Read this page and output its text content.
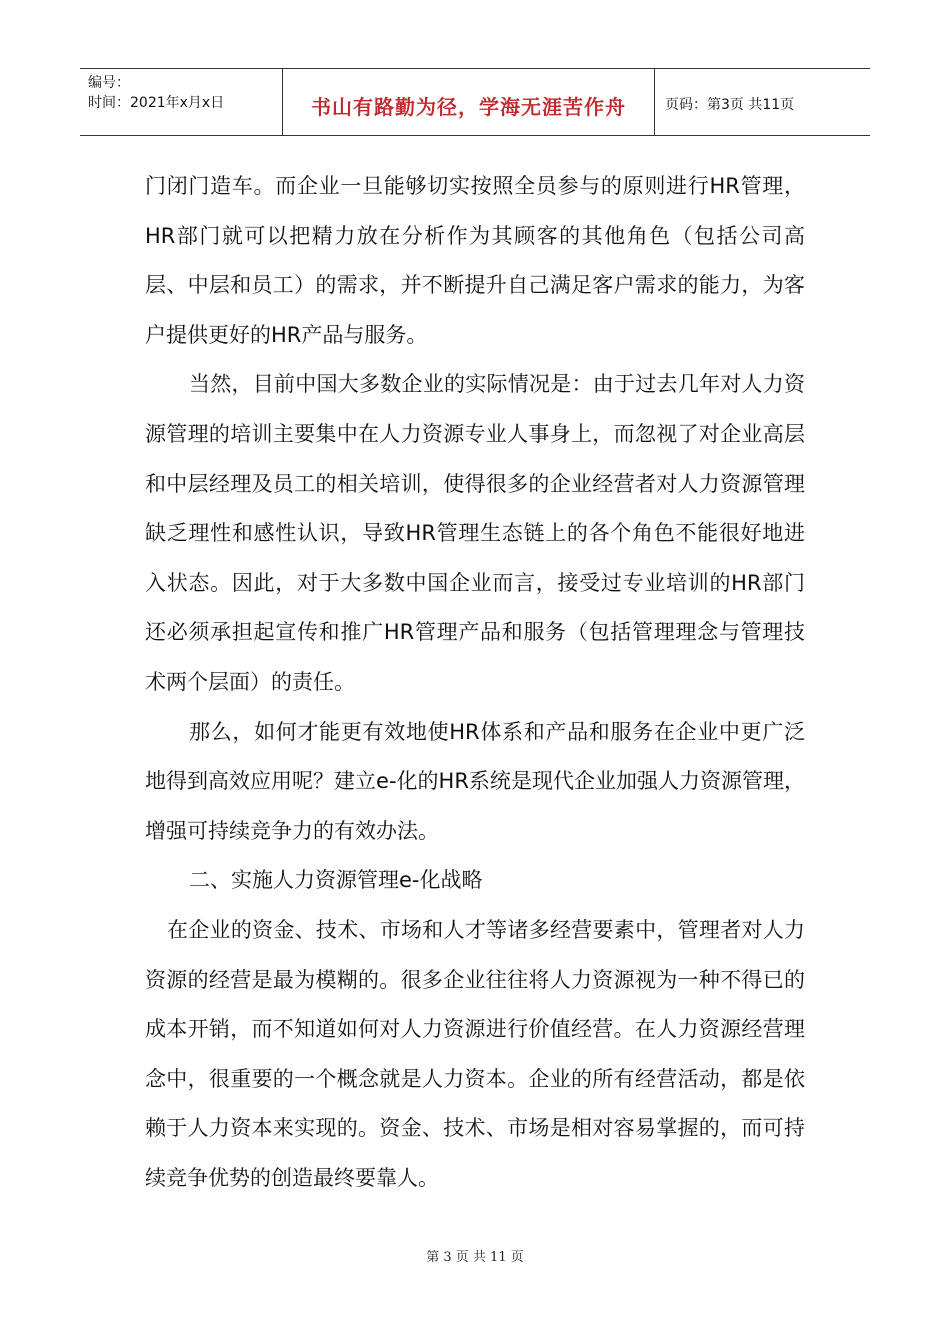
编号：
时间：2021年x月x日	书山有路勤为径，学海无涯苦作舟	页码：第3页 共11页

门闭门造车。而企业一旦能够切实按照全员参与的原则进行HR管理，HR部门就可以把精力放在分析作为其顾客的其他角色（包括公司高层、中层和员工）的需求，并不断提升自己满足客户需求的能力，为客户提供更好的HR产品与服务。

当然，目前中国大多数企业的实际情况是：由于过去几年对人力资源管理的培训主要集中在人力资源专业人事身上，而忽视了对企业高层和中层经理及员工的相关培训，使得很多的企业经营者对人力资源管理缺乏理性和感性认识，导致HR管理生态链上的各个角色不能很好地进入状态。因此，对于大多数中国企业而言，接受过专业培训的HR部门还必须承担起宣传和推广HR管理产品和服务（包括管理理念与管理技术两个层面）的责任。

那么，如何才能更有效地使HR体系和产品和服务在企业中更广泛地得到高效应用呢？建立e-化的HR系统是现代企业加强人力资源管理，增强可持续竞争力的有效办法。

二、实施人力资源管理e-化战略

在企业的资金、技术、市场和人才等诸多经营要素中，管理者对人力资源的经营是最为模糊的。很多企业往往将人力资源视为一种不得已的成本开销，而不知道如何对人力资源进行价值经营。在人力资源经营理念中，很重要的一个概念就是人力资本。企业的所有经营活动，都是依赖于人力资本来实现的。资金、技术、市场是相对容易掌握的，而可持续竞争优势的创造最终要靠人。

第 3 页 共 11 页
